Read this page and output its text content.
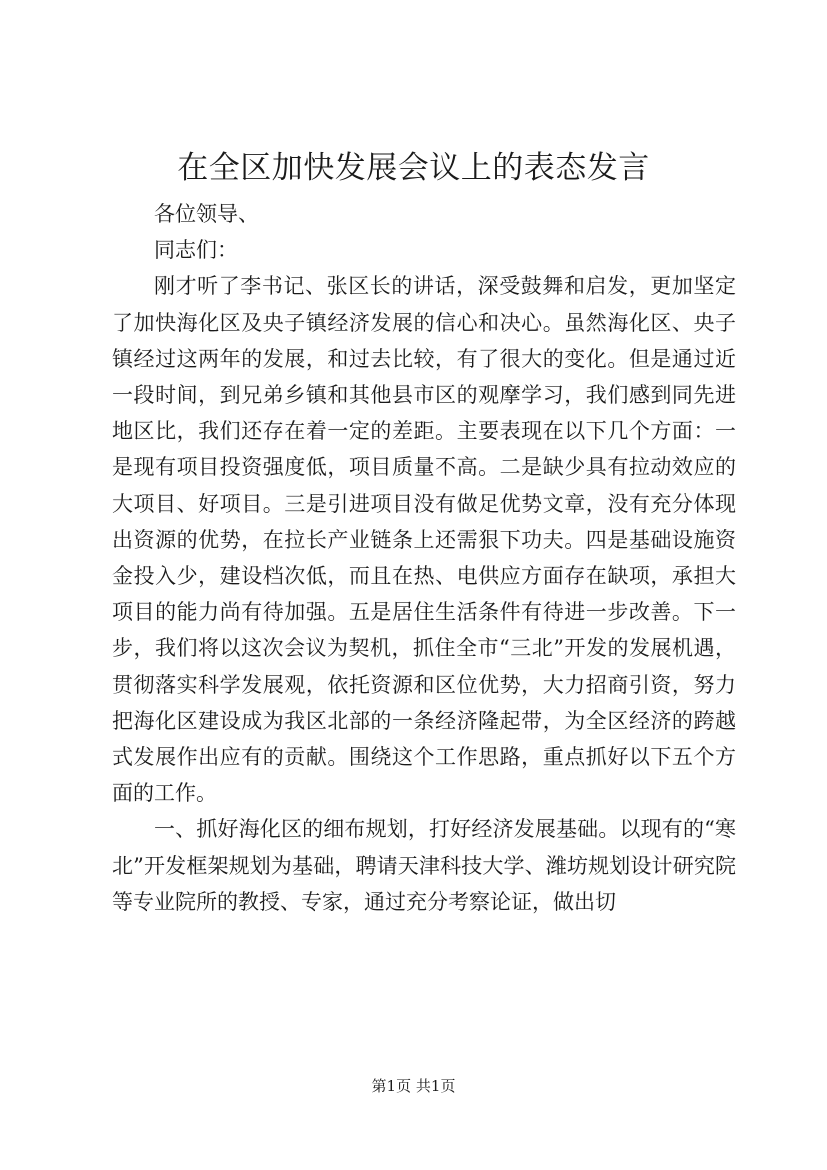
在全区加快发展会议上的表态发言

各位领导、

同志们：

刚才听了李书记、张区长的讲话，深受鼓舞和启发，更加坚定了加快海化区及央子镇经济发展的信心和决心。虽然海化区、央子镇经过这两年的发展，和过去比较，有了很大的变化。但是通过近一段时间，到兄弟乡镇和其他县市区的观摩学习，我们感到同先进地区比，我们还存在着一定的差距。主要表现在以下几个方面：一是现有项目投资强度低，项目质量不高。二是缺少具有拉动效应的大项目、好项目。三是引进项目没有做足优势文章，没有充分体现出资源的优势，在拉长产业链条上还需狠下功夫。四是基础设施资金投入少，建设档次低，而且在热、电供应方面存在缺项，承担大项目的能力尚有待加强。五是居住生活条件有待进一步改善。下一步，我们将以这次会议为契机，抓住全市“三北”开发的发展机遇，贯彻落实科学发展观，依托资源和区位优势，大力招商引资，努力把海化区建设成为我区北部的一条经济隆起带，为全区经济的跨越式发展作出应有的贡献。围绕这个工作思路，重点抓好以下五个方面的工作。

一、抓好海化区的细布规划，打好经济发展基础。以现有的“寒北”开发框架规划为基础，聘请天津科技大学、潍坊规划设计研究院等专业院所的教授、专家，通过充分考察论证，做出切

第1页 共1页
